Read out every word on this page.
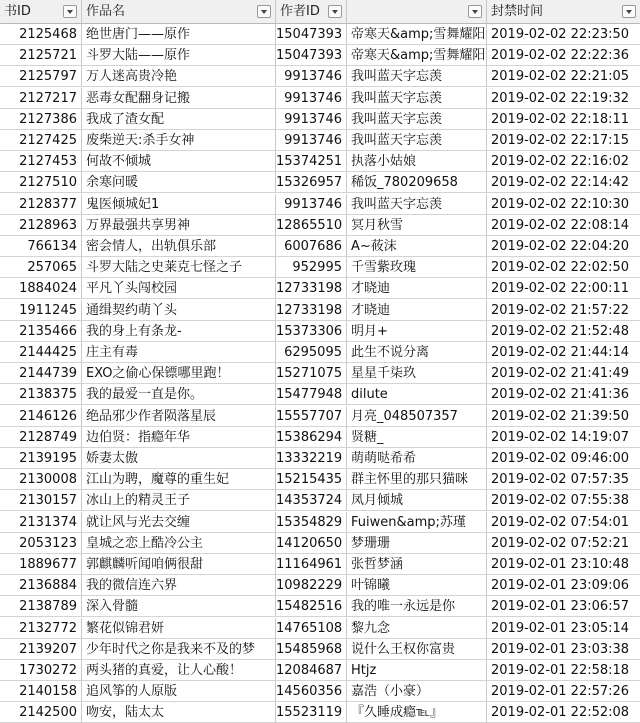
书ID	作品名	作者ID	封禁时间
2125468 绝世唐门——原作	15047393 帝寒天&amp;雪舞耀阳 2019-02-02 22:23:50
2125721 斗罗大陆——原作	15047393 帝寒天&amp;雪舞耀阳 2019-02-02 22:22:36
2125797 万人迷高贵冷艳	9913746 我叫蓝天字忘羡	2019-02-02 22:21:05
2127217 恶毒女配翻身记搬	9913746 我叫蓝天字忘羡	2019-02-02 22:19:32
2127386 我成了渣女配	9913746 我叫蓝天字忘羡	2019-02-02 22:18:11
2127425 废柴逆天:杀手女神	9913746 我叫蓝天字忘羡	2019-02-02 22:17:15
2127453 何故不倾城	15374251 执落小姑娘	2019-02-02 22:16:02
2127510 余寒问暖	15326957 稀饭_780209658	2019-02-02 22:14:42
2128377 鬼医倾城妃1	9913746 我叫蓝天字忘羡	2019-02-02 22:10:30
2128963 万界最强共享男神	12865510 冥月秋雪	2019-02-02 22:08:14
766134 密会情人，出轨俱乐部	6007686 A~莜沫	2019-02-02 22:04:20
257065 斗罗大陆之史莱克七怪之子	952995 千雪紫玫瑰	2019-02-02 22:02:50
1884024 平凡丫头闯校园	12733198 才晓迪	2019-02-02 22:00:11
1911245 通缉契约萌丫头	12733198 才晓迪	2019-02-02 21:57:22
2135466 我的身上有条龙-	15373306 明月+	2019-02-02 21:52:48
2144425 庄主有毒	6295095 此生不说分离	2019-02-02 21:44:14
2144739 EXO之偷心保镖哪里跑！	15271075 星星千柒玖	2019-02-02 21:41:49
2138375 我的最爱一直是你。	15477948 dilute	2019-02-02 21:41:36
2146126 绝品邪少作者陨落星辰	15557707 月亮_048507357	2019-02-02 21:39:50
2128749 边伯贤：指瘾年华	15386294 贤糖_	2019-02-02 14:19:07
2139195 娇妻太傲	13332219 萌萌哒希希	2019-02-02 09:46:00
2130008 江山为聘，魔尊的重生妃	15215435 群主怀里的那只猫咪	2019-02-02 07:57:35
2130157 冰山上的精灵王子	14353724 凤月倾城	2019-02-02 07:55:38
2131374 就让风与光去交缠	15354829 Fuiwen&amp;苏瑾	2019-02-02 07:54:01
2053123 皇城之恋上酷冷公主	14120650 梦珊珊	2019-02-02 07:52:21
1889677 郭麒麟听闻咱俩很甜	11164961 张哲梦涵	2019-02-01 23:10:48
2136884 我的微信连六界	10982229 叶锦曦	2019-02-01 23:09:06
2138789 深入骨髓	15482516 我的唯一永远是你	2019-02-01 23:06:57
2132772 繁花似锦君妍	14765108 黎九念	2019-02-01 23:05:14
2139207 少年时代之你是我来不及的梦	15485968 说什么王权你富贵	2019-02-01 23:03:38
1730272 两头猪的真爱，让人心酸！	12084687 Htjz	2019-02-01 22:58:18
2140158 追风筝的人原版	14560356 嘉浩（小豪）	2019-02-01 22:57:26
2142500 吻安，陆太太	15523119 『久睡成瘾℡』	2019-02-01 22:52:08
